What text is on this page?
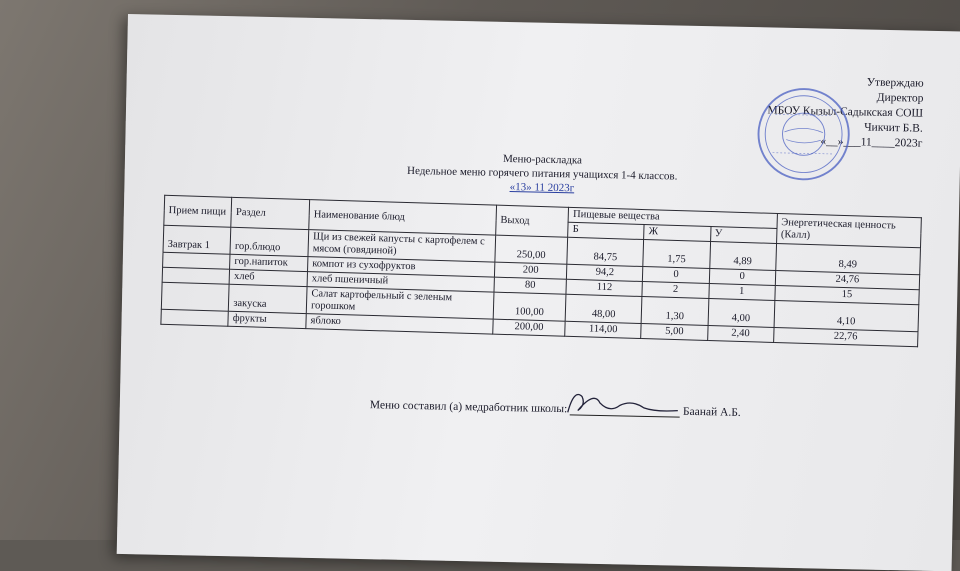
Утверждаю
Директор
МБОУ Кызыл-Садыкская СОШ
Чикчит Б.В.
«__»___11____2023г
Меню-раскладка
Недельное меню горячего питания учащихся 1-4 классов.
«13» 11 2023г
Прием пищи	Раздел	Наименование блюд	Выход	Пищевые вещества			Энергетическая ценность (Калл)
				Б	Ж	У	
Завтрак 1	гор.блюдо	Щи из свежей капусты с картофелем с мясом (говядиной)	250,00	84,75	1,75	4,89	8,49
	гор.напиток	компот из сухофруктов	200	94,2	0	0	24,76
	хлеб	хлеб пшеничный	80	112	2	1	15
	закуска	Салат картофельный с зеленым горошком	100,00	48,00	1,30	4,00	4,10
	фрукты	яблоко	200,00	114,00	5,00	2,40	22,76
Меню составил (а) медработник школы:	Баанай А.Б.
